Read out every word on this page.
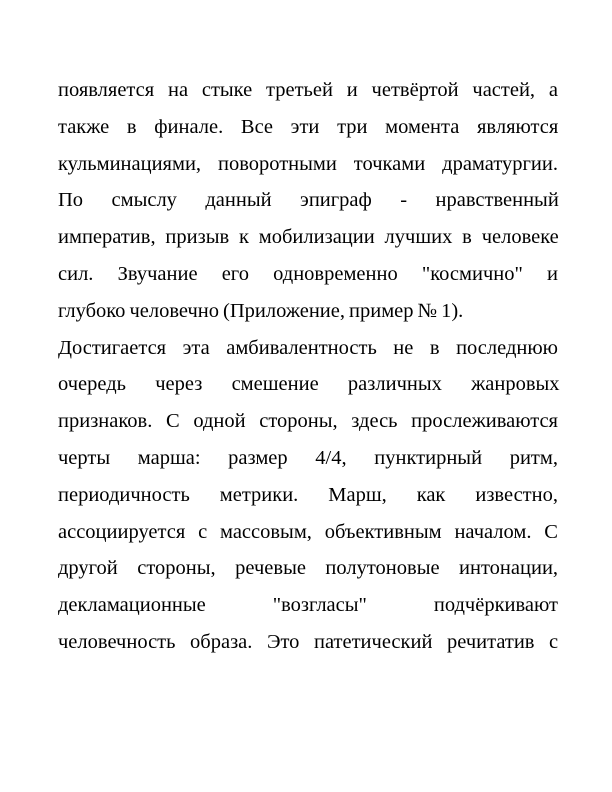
появляется на стыке третьей и четвёртой частей, а
также в финале. Все эти три момента являются
кульминациями, поворотными точками драматургии.
По смыслу данный эпиграф - нравственный
императив, призыв к мобилизации лучших в человеке
сил. Звучание его одновременно "космично" и
глубоко человечно (Приложение, пример № 1).
Достигается эта амбивалентность не в последнюю
очередь через смешение различных жанровых
признаков. С одной стороны, здесь прослеживаются
черты марша: размер 4/4, пунктирный ритм,
периодичность метрики. Марш, как известно,
ассоциируется с массовым, объективным началом. С
другой стороны, речевые полутоновые интонации,
декламационные	"возгласы"	подчёркивают
человечность образа. Это патетический речитатив с
